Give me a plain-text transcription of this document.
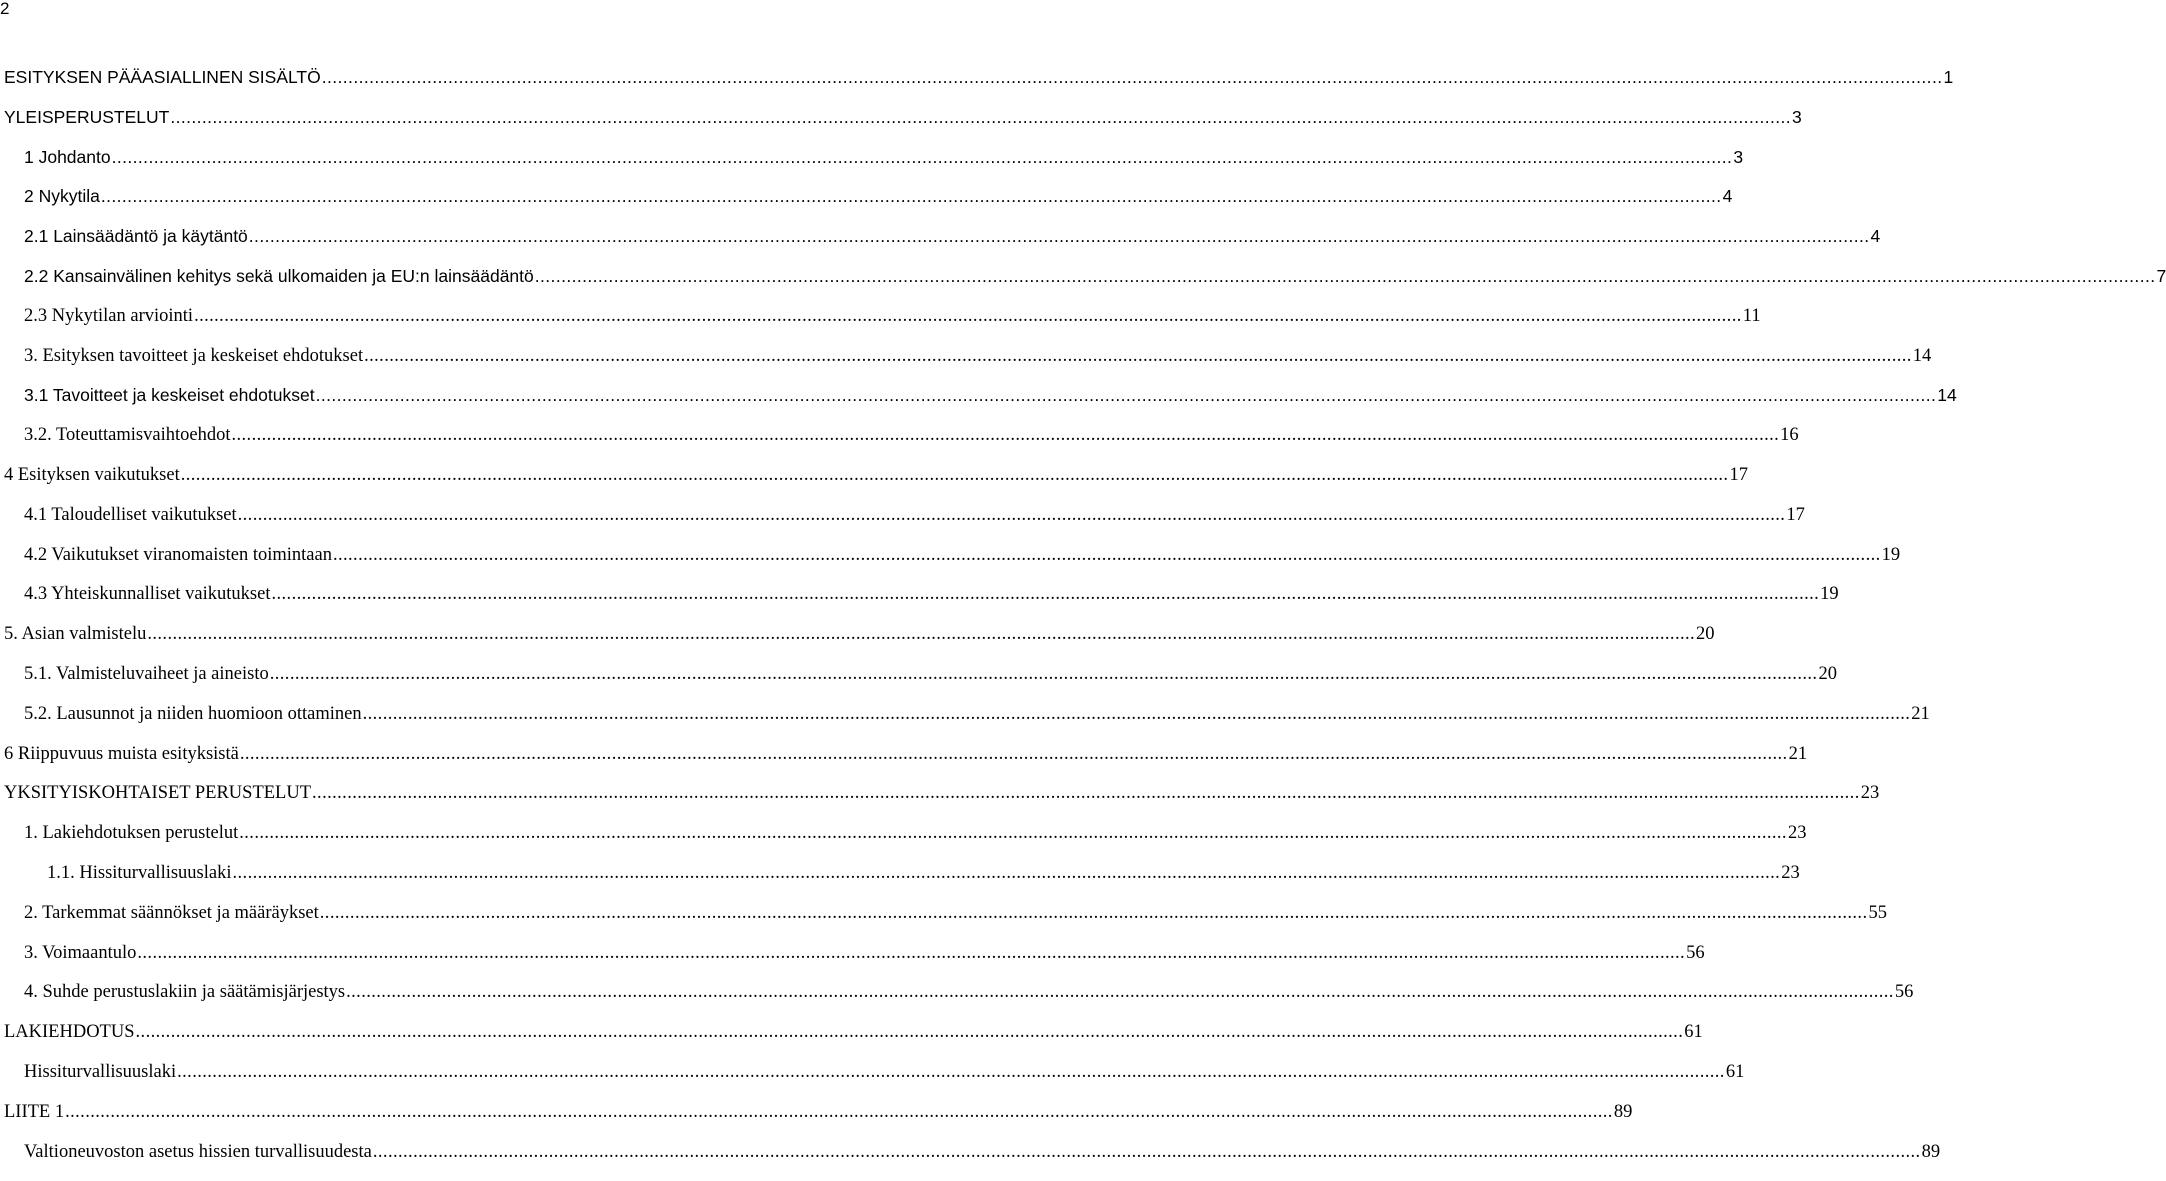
2
ESITYKSEN PÄÄASIALLINEN SISÄLTÖ .....	1
YLEISPERUSTELUT .....	3
1 Johdanto .....	3
2 Nykytila .....	4
2.1 Lainsäädäntö ja käytäntö .....	4
2.2 Kansainvälinen kehitys sekä ulkomaiden ja EU:n lainsäädäntö .....	7
2.3 Nykytilan arviointi .....	11
3. Esityksen tavoitteet ja keskeiset ehdotukset .....	14
3.1 Tavoitteet ja keskeiset ehdotukset .....	14
3.2. Toteuttamisvaihtoehdot .....	16
4 Esityksen vaikutukset .....	17
4.1 Taloudelliset vaikutukset .....	17
4.2 Vaikutukset viranomaisten toimintaan .....	19
4.3 Yhteiskunnalliset vaikutukset .....	19
5. Asian valmistelu .....	20
5.1. Valmisteluvaiheet ja aineisto .....	20
5.2. Lausunnot ja niiden huomioon ottaminen .....	21
6 Riippuvuus muista esityksistä .....	21
YKSITYISKOHTAISET PERUSTELUT .....	23
1. Lakiehdotuksen perustelut .....	23
1.1. Hissiturvallisuuslaki .....	23
2. Tarkemmat säännökset ja määräykset .....	55
3. Voimaantulo .....	56
4. Suhde perustuslakiin ja säätämisjärjestys .....	56
LAKIEHDOTUS .....	61
Hissiturvallisuuslaki .....	61
LIITE 1 .....	89
Valtioneuvoston asetus hissien turvallisuudesta .....	89
